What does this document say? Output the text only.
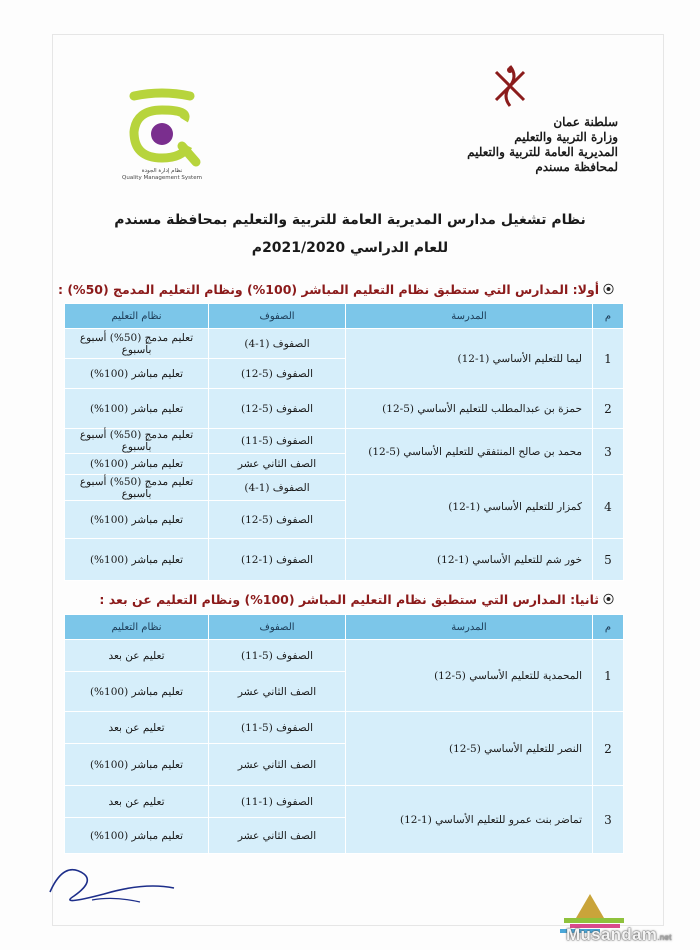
نظام إدارة الجودة
Quality Management System
سلطنة عمان
وزارة التربية والتعليم
المديرية العامة للتربية والتعليم
لمحافظة مسندم
نظام تشغيل مدارس المديرية العامة للتربية والتعليم بمحافظة مسندم
للعام الدراسي 2021/2020م
⦿
أولا: المدارس التي ستطبق نظام التعليم المباشر (100%) ونظام التعليم المدمج (50%) :
م	المدرسة	الصفوف	نظام التعليم
1	ليما للتعليم الأساسي (1-12)	الصفوف (1-4)	تعليم مدمج (50%) أسبوع بأسبوع
		الصفوف (5-12)	تعليم مباشر (100%)
2	حمزة بن عبدالمطلب للتعليم الأساسي (5-12)	الصفوف (5-12)	تعليم مباشر (100%)
3	محمد بن صالح المنتفقي للتعليم الأساسي (5-12)	الصفوف (5-11)	تعليم مدمج (50%) أسبوع بأسبوع
		الصف الثاني عشر	تعليم مباشر (100%)
4	كمزار للتعليم الأساسي (1-12)	الصفوف (1-4)	تعليم مدمج (50%) أسبوع بأسبوع
		الصفوف (5-12)	تعليم مباشر (100%)
5	خور شم للتعليم الأساسي (1-12)	الصفوف (1-12)	تعليم مباشر (100%)
⦿
ثانيا: المدارس التي ستطبق نظام التعليم المباشر (100%) ونظام التعليم عن بعد :
م	المدرسة	الصفوف	نظام التعليم
1	المحمدية للتعليم الأساسي (5-12)	الصفوف (5-11)	تعليم عن بعد
		الصف الثاني عشر	تعليم مباشر (100%)
2	النصر للتعليم الأساسي (5-12)	الصفوف (5-11)	تعليم عن بعد
		الصف الثاني عشر	تعليم مباشر (100%)
3	تماضر بنت عمرو للتعليم الأساسي (1-12)	الصفوف (1-11)	تعليم عن بعد
		الصف الثاني عشر	تعليم مباشر (100%)
Musandam.net
